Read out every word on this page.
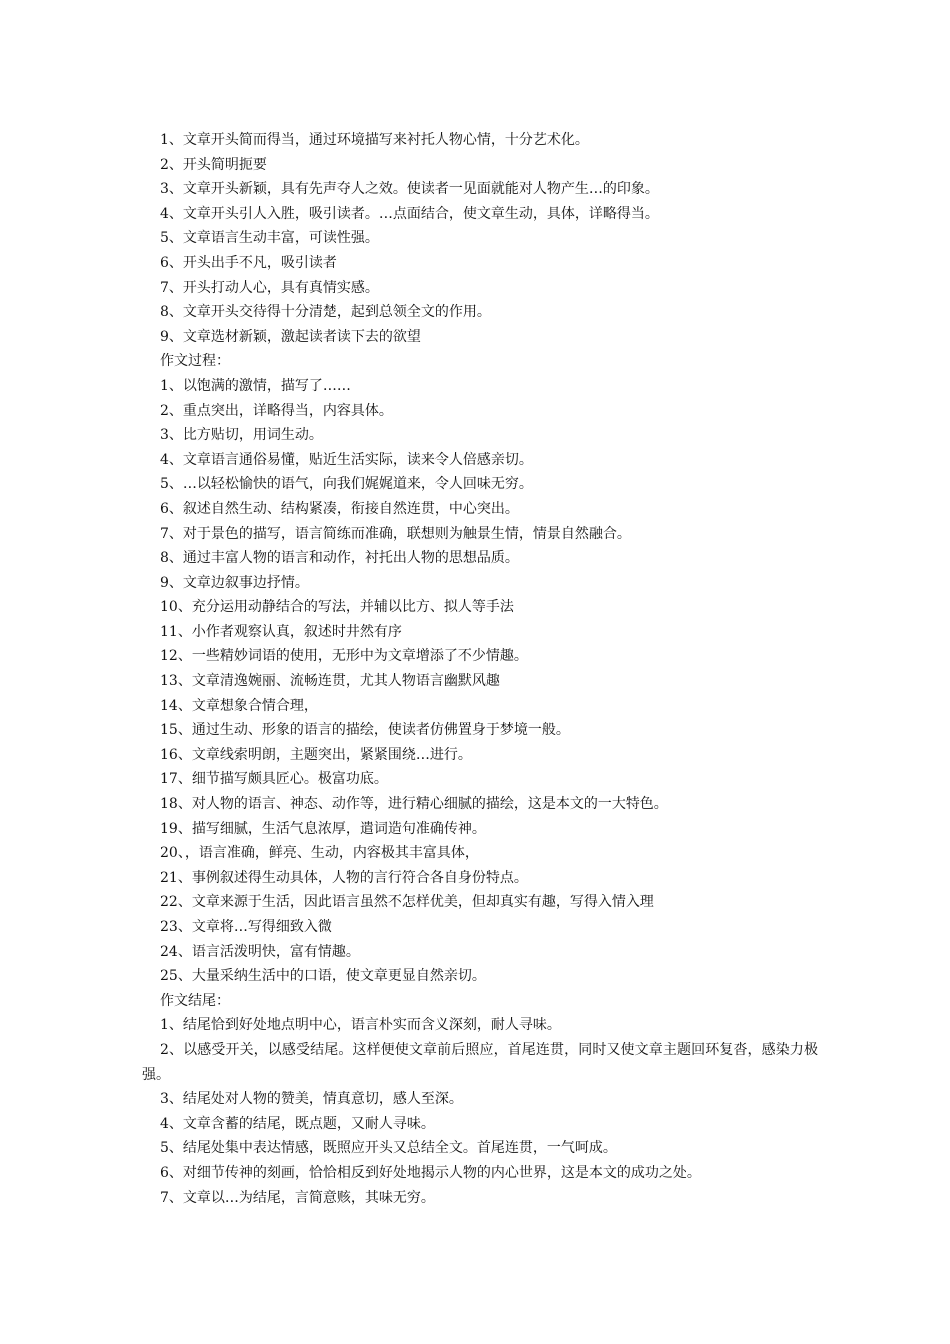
1、文章开头简而得当，通过环境描写来衬托人物心情，十分艺术化。

2、开头简明扼要

3、文章开头新颖，具有先声夺人之效。使读者一见面就能对人物产生…的印象。

4、文章开头引人入胜，吸引读者。…点面结合，使文章生动，具体，详略得当。

5、文章语言生动丰富，可读性强。

6、开头出手不凡，吸引读者

7、开头打动人心，具有真情实感。

8、文章开头交待得十分清楚，起到总领全文的作用。

9、文章选材新颖，激起读者读下去的欲望

作文过程：

1、以饱满的激情，描写了……

2、重点突出，详略得当，内容具体。

3、比方贴切，用词生动。

4、文章语言通俗易懂，贴近生活实际，读来令人倍感亲切。

5、…以轻松愉快的语气，向我们娓娓道来，令人回味无穷。

6、叙述自然生动、结构紧凑，衔接自然连贯，中心突出。

7、对于景色的描写，语言简练而准确，联想则为触景生情，情景自然融合。

8、通过丰富人物的语言和动作，衬托出人物的思想品质。

9、文章边叙事边抒情。

10、充分运用动静结合的写法，并辅以比方、拟人等手法

11、小作者观察认真，叙述时井然有序

12、一些精妙词语的使用，无形中为文章增添了不少情趣。

13、文章清逸婉丽、流畅连贯，尤其人物语言幽默风趣

14、文章想象合情合理，

15、通过生动、形象的语言的描绘，使读者仿佛置身于梦境一般。

16、文章线索明朗，主题突出，紧紧围绕…进行。

17、细节描写颇具匠心。极富功底。

18、对人物的语言、神态、动作等，进行精心细腻的描绘，这是本文的一大特色。

19、描写细腻，生活气息浓厚，遣词造句准确传神。

20、，语言准确，鲜亮、生动，内容极其丰富具体，

21、事例叙述得生动具体，人物的言行符合各自身份特点。

22、文章来源于生活，因此语言虽然不怎样优美，但却真实有趣，写得入情入理

23、文章将…写得细致入微

24、语言活泼明快，富有情趣。

25、大量采纳生活中的口语，使文章更显自然亲切。

作文结尾：

1、结尾恰到好处地点明中心，语言朴实而含义深刻，耐人寻味。

2、以感受开关，以感受结尾。这样便使文章前后照应，首尾连贯，同时又使文章主题回环复沓，感染力极强。

3、结尾处对人物的赞美，情真意切，感人至深。

4、文章含蓄的结尾，既点题，又耐人寻味。

5、结尾处集中表达情感，既照应开头又总结全文。首尾连贯，一气呵成。

6、对细节传神的刻画，恰恰相反到好处地揭示人物的内心世界，这是本文的成功之处。

7、文章以…为结尾，言简意赅，其味无穷。
